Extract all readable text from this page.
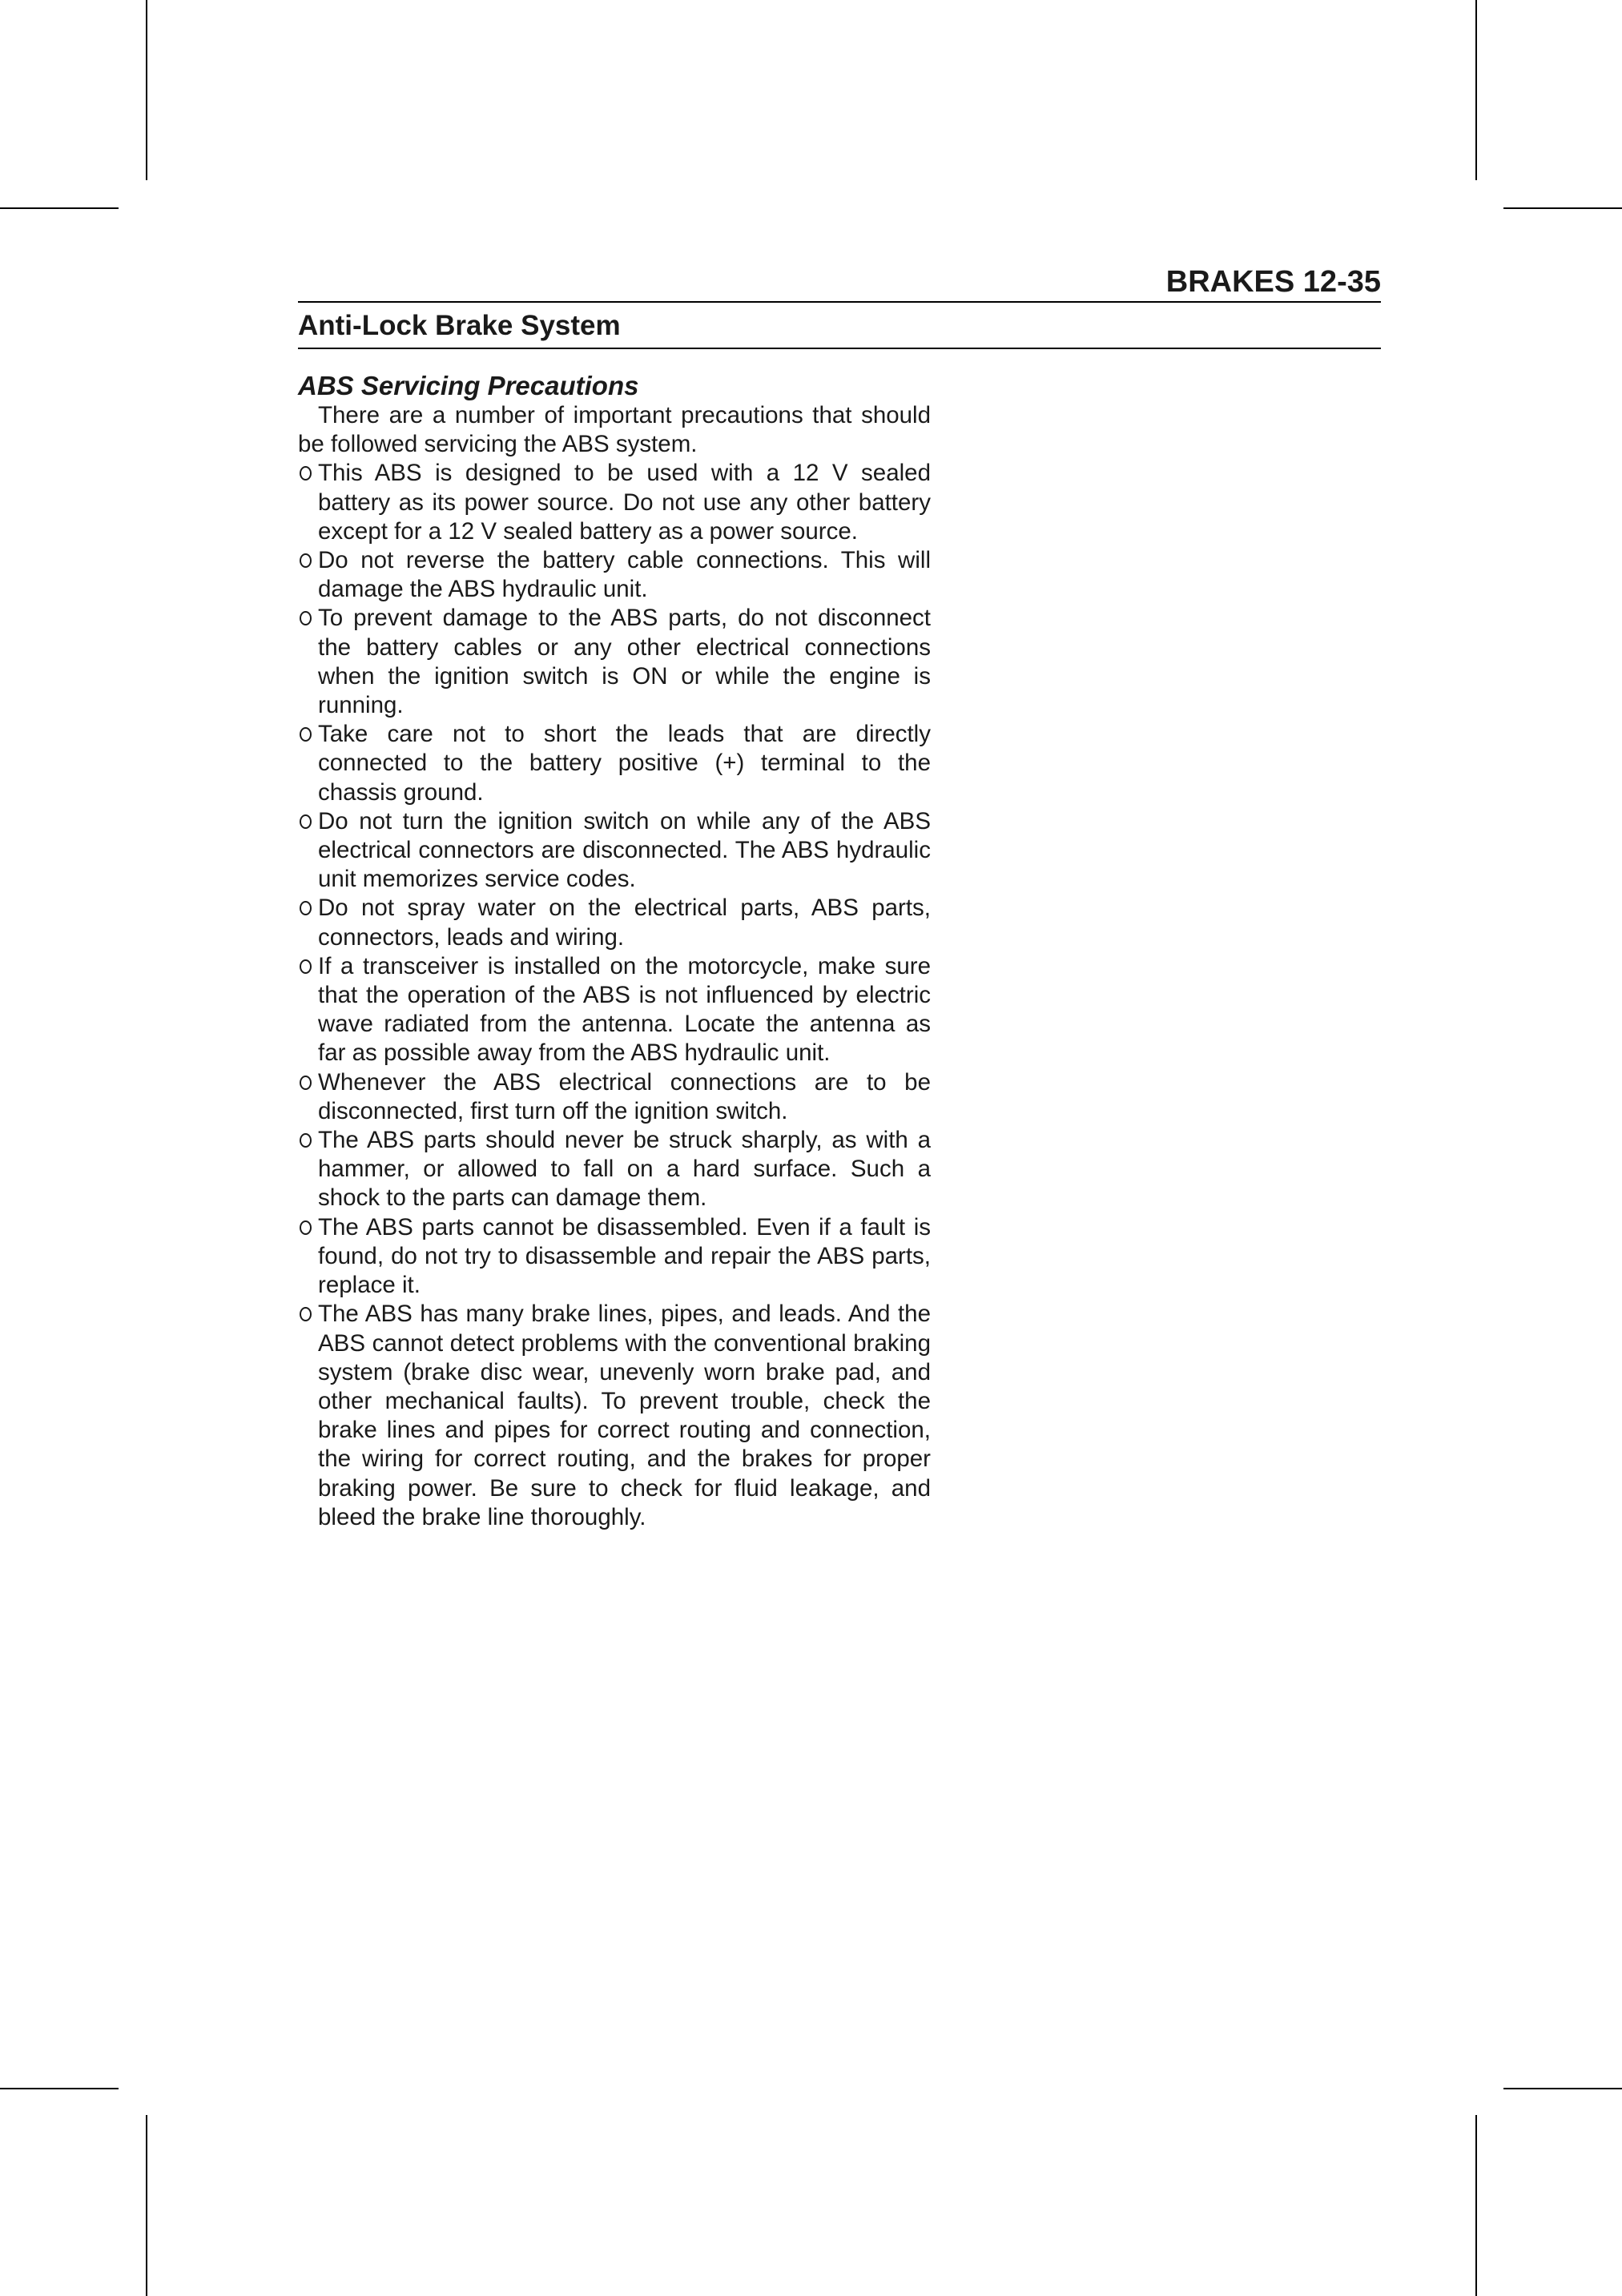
BRAKES 12-35
Anti-Lock Brake System
ABS Servicing Precautions

There are a number of important precautions that should be followed servicing the ABS system.

This ABS is designed to be used with a 12 V sealed battery as its power source. Do not use any other battery except for a 12 V sealed battery as a power source.
Do not reverse the battery cable connections. This will damage the ABS hydraulic unit.
To prevent damage to the ABS parts, do not disconnect the battery cables or any other electrical connections when the ignition switch is ON or while the engine is running.
Take care not to short the leads that are directly connected to the battery positive (+) terminal to the chassis ground.
Do not turn the ignition switch on while any of the ABS electrical connectors are disconnected. The ABS hydraulic unit memorizes service codes.
Do not spray water on the electrical parts, ABS parts, connectors, leads and wiring.
If a transceiver is installed on the motorcycle, make sure that the operation of the ABS is not influenced by electric wave radiated from the antenna. Locate the antenna as far as possible away from the ABS hydraulic unit.
Whenever the ABS electrical connections are to be disconnected, first turn off the ignition switch.
The ABS parts should never be struck sharply, as with a hammer, or allowed to fall on a hard surface. Such a shock to the parts can damage them.
The ABS parts cannot be disassembled. Even if a fault is found, do not try to disassemble and repair the ABS parts, replace it.
The ABS has many brake lines, pipes, and leads. And the ABS cannot detect problems with the conventional braking system (brake disc wear, unevenly worn brake pad, and other mechanical faults). To prevent trouble, check the brake lines and pipes for correct routing and connection, the wiring for correct routing, and the brakes for proper braking power. Be sure to check for fluid leakage, and bleed the brake line thoroughly.
